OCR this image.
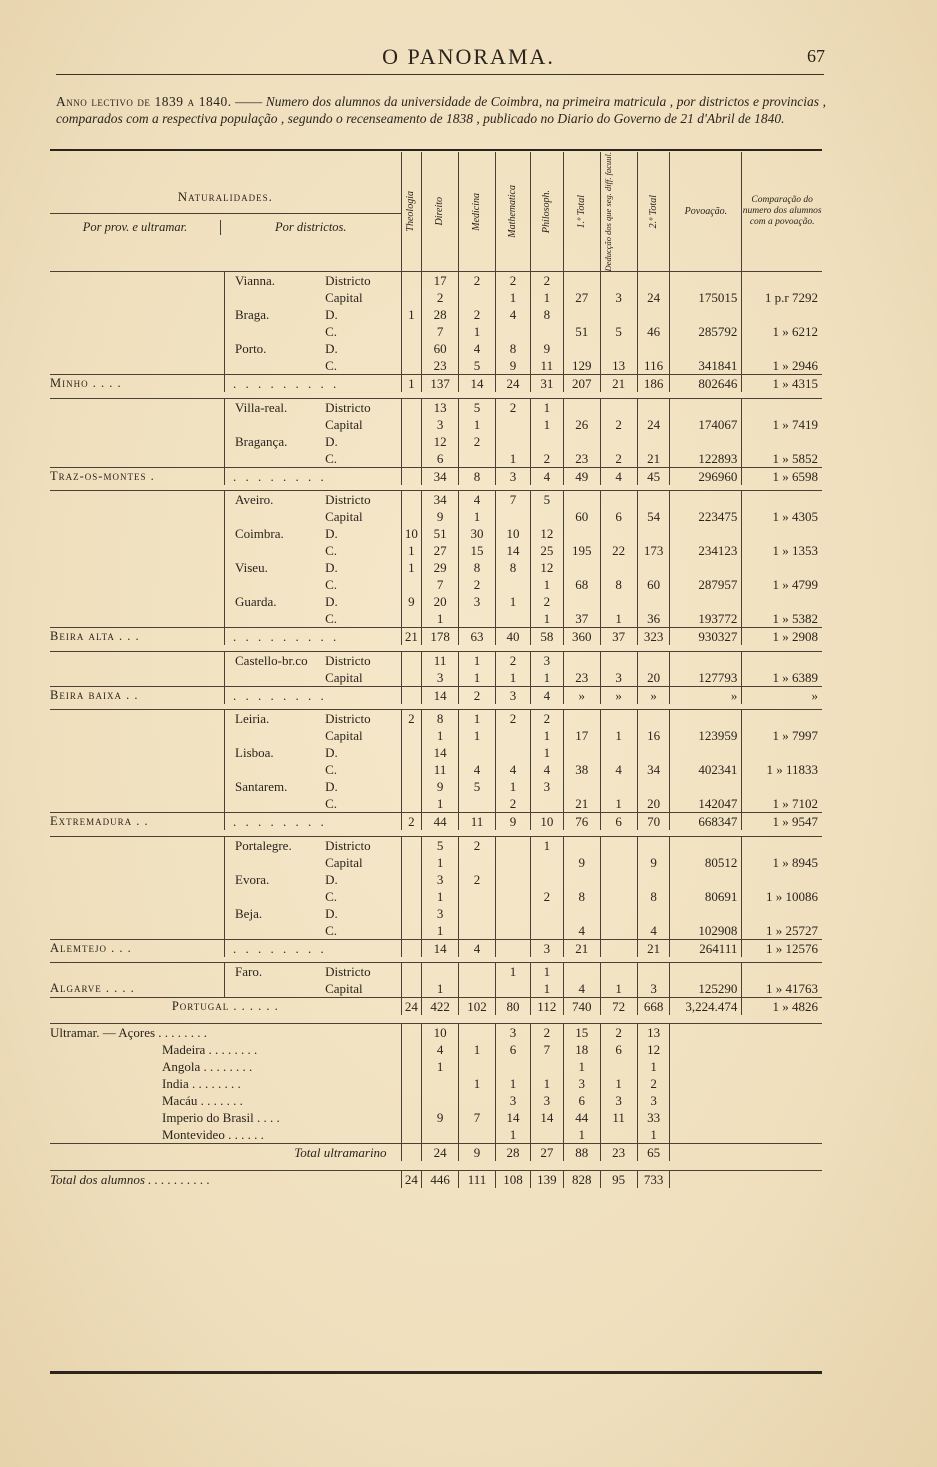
O PANORAMA.	67
Anno lectivo de 1839 a 1840. —— Numero dos alumnos da universidade de Coimbra, na primeira matricula , por districtos e provincias , comparados com a respectiva população , segundo o recenseamento de 1838 , publicado no Diario do Governo de 21 d'Abril de 1840.
Naturalidades.
Por prov. e ultramar. Por districtos.			Theologia	Direito	Medicina	Mathematica	Philosoph.	1.º Total	Deducção dos que seg. diff. facuul.	2.º Total	Povoação.	Comparação do numero dos alumnos com a povoação.
	Vianna.	Districto		17	2	2	2					
		Capital		2		1	1	27	3	24	175015	1 p.r 7292
	Braga.	D.	1	28	2	4	8					
		C.		7	1			51	5	46	285792	1 » 6212
	Porto.	D.		60	4	8	9					
		C.		23	5	9	11	129	13	116	341841	1 » 2946
Minho . . . .	. . . . . . . . .		1	137	14	24	31	207	21	186	802646	1 » 4315

	Villa-real.	Districto		13	5	2	1					
		Capital		3	1		1	26	2	24	174067	1 » 7419
	Bragança.	D.		12	2							
		C.		6		1	2	23	2	21	122893	1 » 5852
Traz-os-montes .	. . . . . . . .			34	8	3	4	49	4	45	296960	1 » 6598

	Aveiro.	Districto		34	4	7	5					
		Capital		9	1			60	6	54	223475	1 » 4305
	Coimbra.	D.	10	51	30	10	12					
		C.	1	27	15	14	25	195	22	173	234123	1 » 1353
	Viseu.	D.	1	29	8	8	12					
		C.		7	2		1	68	8	60	287957	1 » 4799
	Guarda.	D.	9	20	3	1	2					
		C.		1			1	37	1	36	193772	1 » 5382
Beira alta . . .	. . . . . . . . .		21	178	63	40	58	360	37	323	930327	1 » 2908

	Castello-br.co	Districto		11	1	2	3					
		Capital		3	1	1	1	23	3	20	127793	1 » 6389
Beira baixa . .	. . . . . . . .			14	2	3	4	»	»	»	»	»

	Leiria.	Districto	2	8	1	2	2					
		Capital		1	1		1	17	1	16	123959	1 » 7997
	Lisboa.	D.		14			1					
		C.		11	4	4	4	38	4	34	402341	1 » 11833
	Santarem.	D.		9	5	1	3					
		C.		1		2		21	1	20	142047	1 » 7102
Extremadura . .	. . . . . . . .		2	44	11	9	10	76	6	70	668347	1 » 9547

	Portalegre.	Districto		5	2		1					
		Capital		1				9		9	80512	1 » 8945
	Evora.	D.		3	2							
		C.		1			2	8		8	80691	1 » 10086
	Beja.	D.		3								
		C.		1				4		4	102908	1 » 25727
Alemtejo . . .	. . . . . . . .			14	4		3	21		21	264111	1 » 12576

	Faro.	Districto				1	1					
Algarve . . . .		Capital		1			1	4	1	3	125290	1 » 41763
Portugal . . . . . .			24	422	102	80	112	740	72	668	3,224.474	1 » 4826

Ultramar. — Açores . . . . . . . .				10		3	2	15	2	13		
Madeira . . . . . . . .				4	1	6	7	18	6	12		
Angola . . . . . . . .				1				1		1		
India . . . . . . . .					1	1	1	3	1	2		
Macáu . . . . . . .						3	3	6	3	3		
Imperio do Brasil . . . .				9	7	14	14	44	11	33		
Montevideo . . . . . .						1		1		1		
Total ultramarino				24	9	28	27	88	23	65		

Total dos alumnos . . . . . . . . . .			24	446	111	108	139	828	95	733		
